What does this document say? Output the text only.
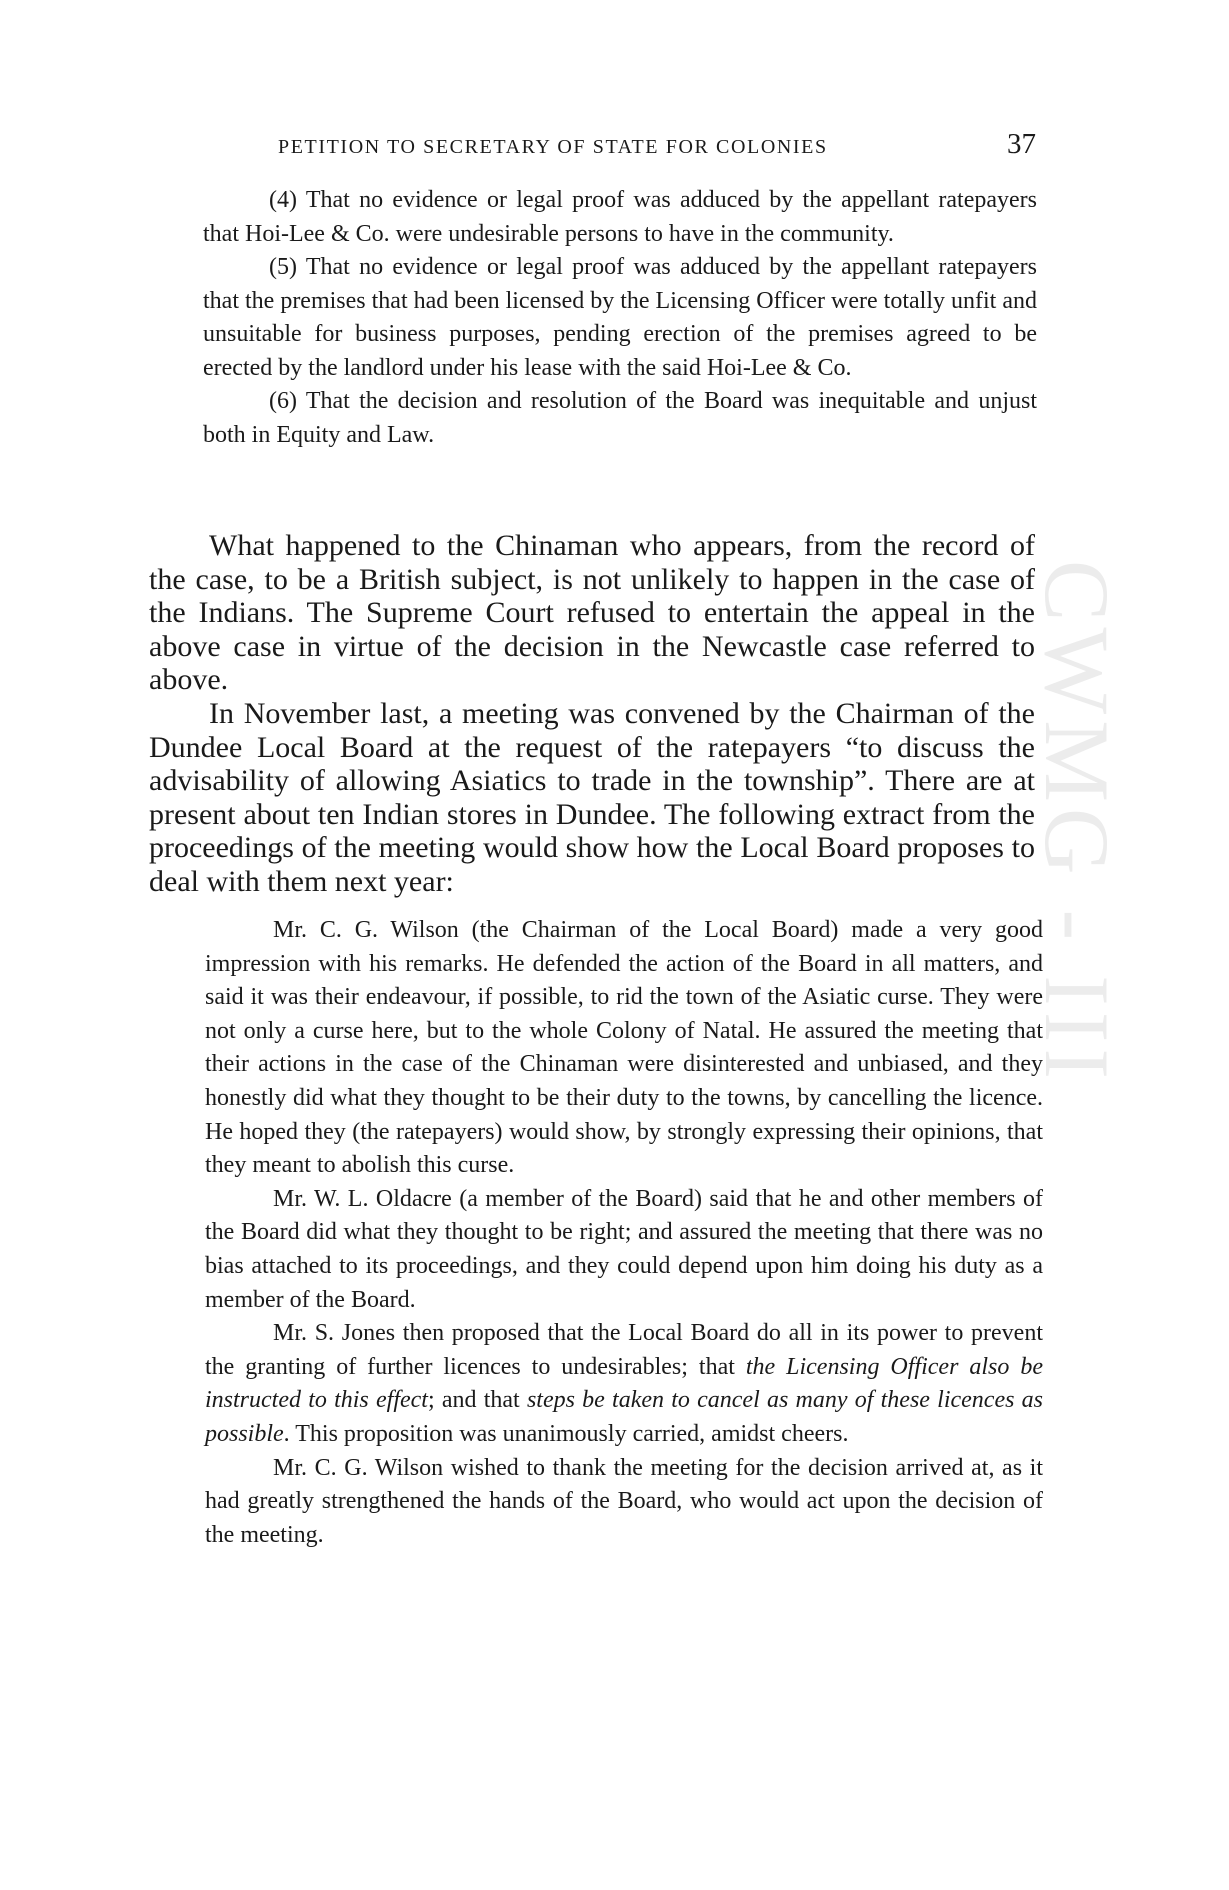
CWMG - III
PETITION TO SECRETARY OF STATE FOR COLONIES	37

(4) That no evidence or legal proof was adduced by the appellant ratepayers that Hoi-Lee & Co. were undesirable persons to have in the community.

(5) That no evidence or legal proof was adduced by the appellant ratepayers that the premises that had been licensed by the Licensing Officer were totally unfit and unsuitable for business purposes, pending erection of the premises agreed to be erected by the landlord under his lease with the said Hoi-Lee & Co.

(6) That the decision and resolution of the Board was inequitable and unjust both in Equity and Law.

What happened to the Chinaman who appears, from the record of the case, to be a British subject, is not unlikely to happen in the case of the Indians. The Supreme Court refused to entertain the appeal in the above case in virtue of the decision in the Newcastle case referred to above.

In November last, a meeting was convened by the Chairman of the Dundee Local Board at the request of the ratepayers “to discuss the advisability of allowing Asiatics to trade in the township”. There are at present about ten Indian stores in Dundee. The following extract from the proceedings of the meeting would show how the Local Board proposes to deal with them next year:

Mr. C. G. Wilson (the Chairman of the Local Board) made a very good impression with his remarks. He defended the action of the Board in all matters, and said it was their endeavour, if possible, to rid the town of the Asiatic curse. They were not only a curse here, but to the whole Colony of Natal. He assured the meeting that their actions in the case of the Chinaman were disinterested and unbiased, and they honestly did what they thought to be their duty to the towns, by cancelling the licence. He hoped they (the ratepayers) would show, by strongly expressing their opinions, that they meant to abolish this curse.

Mr. W. L. Oldacre (a member of the Board) said that he and other members of the Board did what they thought to be right; and assured the meeting that there was no bias attached to its proceedings, and they could depend upon him doing his duty as a member of the Board.

Mr. S. Jones then proposed that the Local Board do all in its power to prevent the granting of further licences to undesirables; that the Licensing Officer also be instructed to this effect; and that steps be taken to cancel as many of these licences as possible. This proposition was unanimously carried, amidst cheers.

Mr. C. G. Wilson wished to thank the meeting for the decision arrived at, as it had greatly strengthened the hands of the Board, who would act upon the decision of the meeting.
